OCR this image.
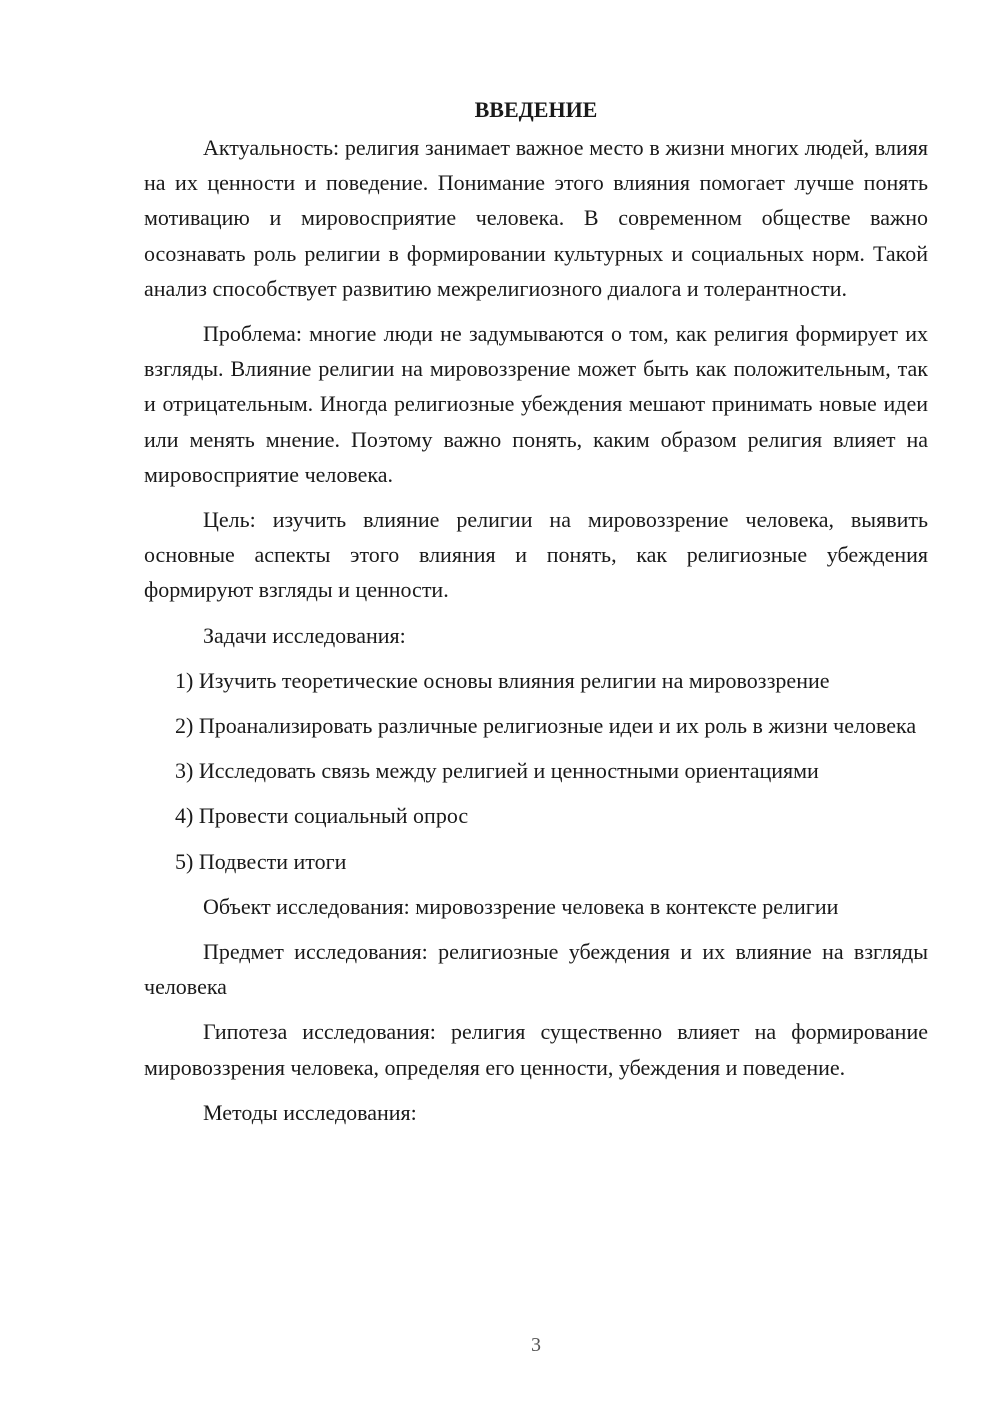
ВВЕДЕНИЕ

Актуальность: религия занимает важное место в жизни многих людей, влияя на их ценности и поведение. Понимание этого влияния помогает лучше понять мотивацию и мировосприятие человека. В современном обществе важно осознавать роль религии в формировании культурных и социальных норм. Такой анализ способствует развитию межрелигиозного диалога и толерантности.

Проблема: многие люди не задумываются о том, как религия формирует их взгляды. Влияние религии на мировоззрение может быть как положительным, так и отрицательным. Иногда религиозные убеждения мешают принимать новые идеи или менять мнение. Поэтому важно понять, каким образом религия влияет на мировосприятие человека.

Цель: изучить влияние религии на мировоззрение человека, выявить основные аспекты этого влияния и понять, как религиозные убеждения формируют взгляды и ценности.

Задачи исследования:

1) Изучить теоретические основы влияния религии на мировоззрение

2) Проанализировать различные религиозные идеи и их роль в жизни человека

3) Исследовать связь между религией и ценностными ориентациями

4) Провести социальный опрос

5) Подвести итоги

Объект исследования: мировоззрение человека в контексте религии

Предмет исследования: религиозные убеждения и их влияние на взгляды человека

Гипотеза исследования: религия существенно влияет на формирование мировоззрения человека, определяя его ценности, убеждения и поведение.

Методы исследования:

3
